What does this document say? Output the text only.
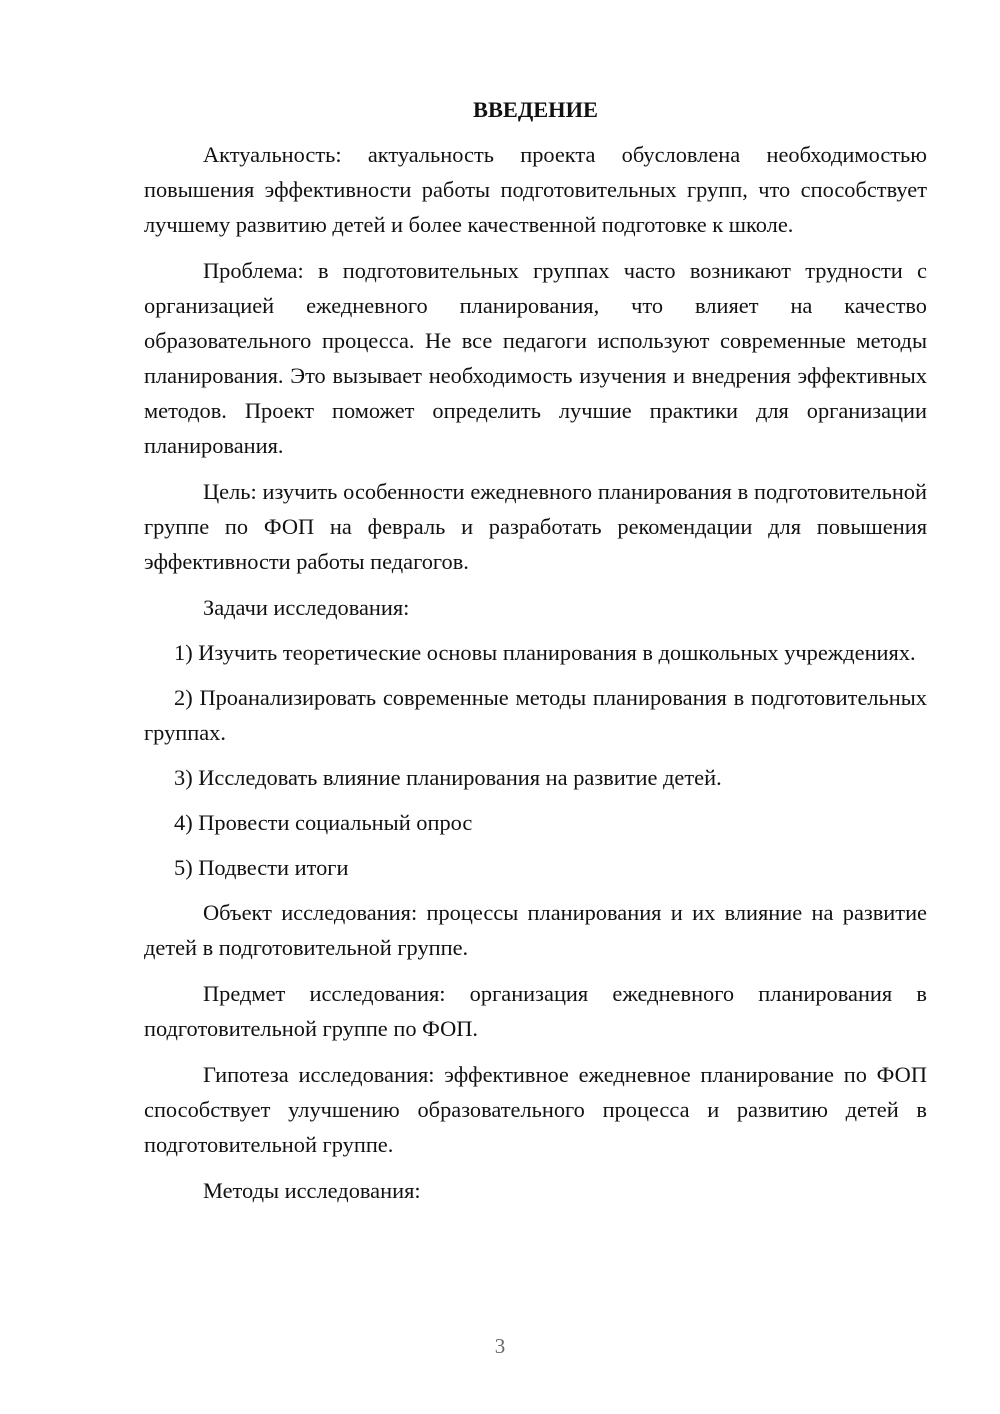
ВВЕДЕНИЕ

Актуальность: актуальность проекта обусловлена необходимостью повышения эффективности работы подготовительных групп, что способствует лучшему развитию детей и более качественной подготовке к школе.

Проблема: в подготовительных группах часто возникают трудности с организацией ежедневного планирования, что влияет на качество образовательного процесса. Не все педагоги используют современные методы планирования. Это вызывает необходимость изучения и внедрения эффективных методов. Проект поможет определить лучшие практики для организации планирования.

Цель: изучить особенности ежедневного планирования в подготовительной группе по ФОП на февраль и разработать рекомендации для повышения эффективности работы педагогов.

Задачи исследования:

1) Изучить теоретические основы планирования в дошкольных учреждениях.

2) Проанализировать современные методы планирования в подготовительных группах.

3) Исследовать влияние планирования на развитие детей.

4) Провести социальный опрос

5) Подвести итоги

Объект исследования: процессы планирования и их влияние на развитие детей в подготовительной группе.

Предмет исследования: организация ежедневного планирования в подготовительной группе по ФОП.

Гипотеза исследования: эффективное ежедневное планирование по ФОП способствует улучшению образовательного процесса и развитию детей в подготовительной группе.

Методы исследования:

3
